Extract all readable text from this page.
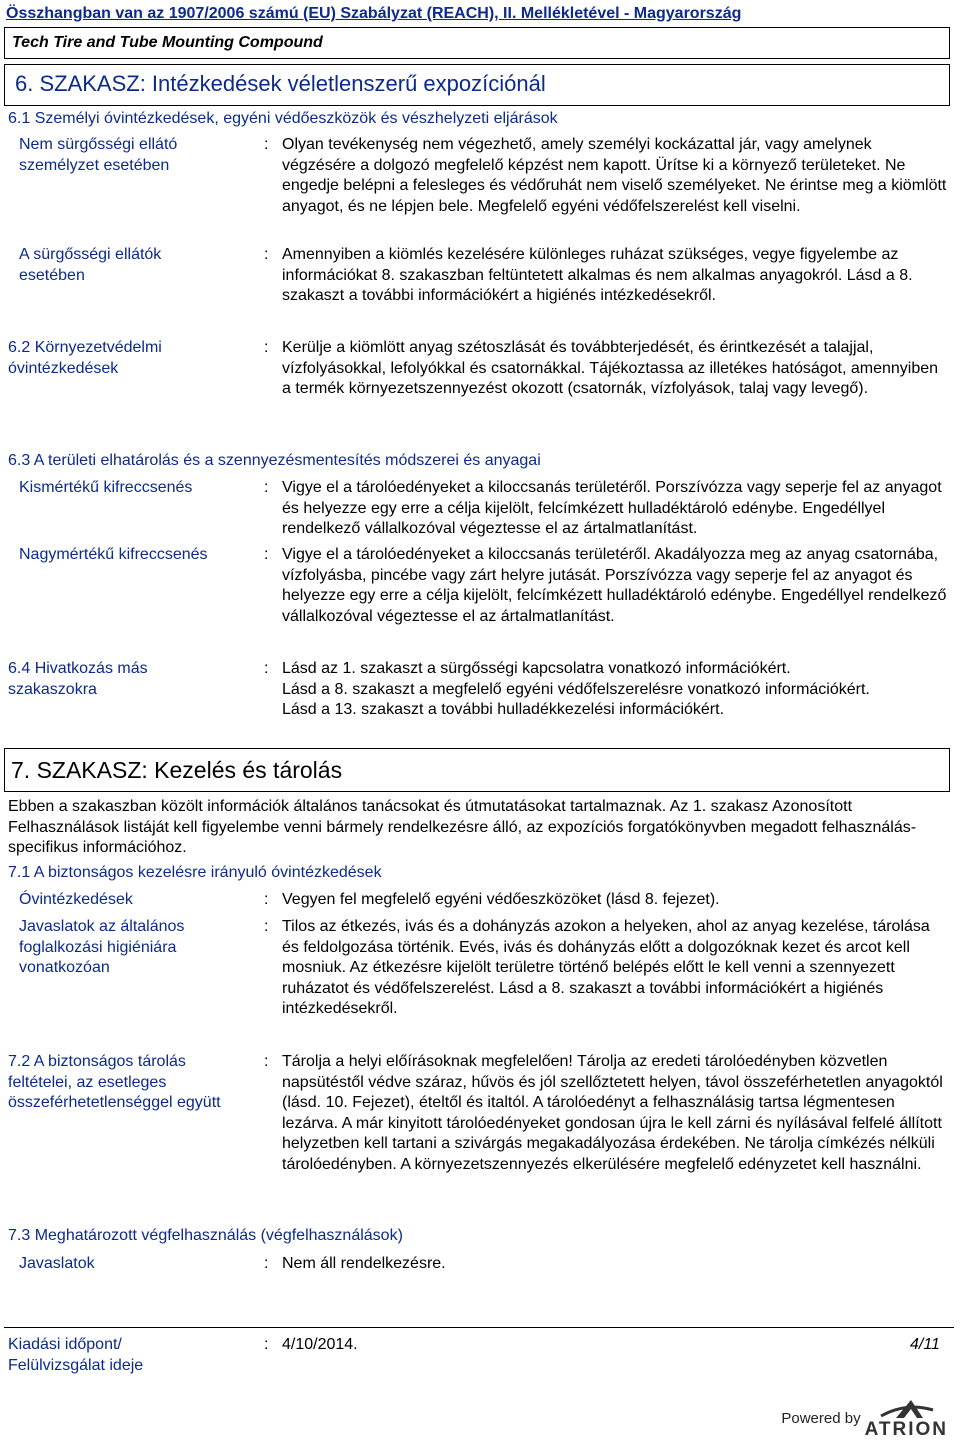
Összhangban van az 1907/2006 számú (EU) Szabályzat (REACH), II. Mellékletével - Magyarország
Tech Tire and Tube Mounting Compound
6. SZAKASZ: Intézkedések véletlenszerű expozíciónál
6.1 Személyi óvintézkedések, egyéni védőeszközök és vészhelyzeti eljárások
Nem sürgősségi ellátó személyzet esetében
: Olyan tevékenység nem végezhető, amely személyi kockázattal jár, vagy amelynek végzésére a dolgozó megfelelő képzést nem kapott. Ürítse ki a környező területeket. Ne engedje belépni a felesleges és védőruhát nem viselő személyeket. Ne érintse meg a kiömlött anyagot, és ne lépjen bele. Megfelelő egyéni védőfelszerelést kell viselni.
A sürgősségi ellátók esetében
: Amennyiben a kiömlés kezelésére különleges ruházat szükséges, vegye figyelembe az információkat 8. szakaszban feltüntetett alkalmas és nem alkalmas anyagokról. Lásd a 8. szakaszt a további információkért a higiénés intézkedésekről.
6.2 Környezetvédelmi óvintézkedések
: Kerülje a kiömlött anyag szétoszlását és továbbterjedését, és érintkezését a talajjal, vízfolyásokkal, lefolyókkal és csatornákkal. Tájékoztassa az illetékes hatóságot, amennyiben a termék környezetszennyezést okozott (csatornák, vízfolyások, talaj vagy levegő).
6.3 A területi elhatárolás és a szennyezésmentesítés módszerei és anyagai
Kismértékű kifreccsenés	: Vigye el a tárolóedényeket a kiloccsanás területéről. Porszívózza vagy seperje fel az anyagot és helyezze egy erre a célja kijelölt, felcímkézett hulladéktároló edénybe. Engedéllyel rendelkező vállalkozóval végeztesse el az ártalmatlanítást.
Nagymértékű kifreccsenés	: Vigye el a tárolóedényeket a kiloccsanás területéről. Akadályozza meg az anyag csatornába, vízfolyásba, pincébe vagy zárt helyre jutását. Porszívózza vagy seperje fel az anyagot és helyezze egy erre a célja kijelölt, felcímkézett hulladéktároló edénybe. Engedéllyel rendelkező vállalkozóval végeztesse el az ártalmatlanítást.
6.4 Hivatkozás más szakaszokra
: Lásd az 1. szakaszt a sürgősségi kapcsolatra vonatkozó információkért.
Lásd a 8. szakaszt a megfelelő egyéni védőfelszerelésre vonatkozó információkért.
Lásd a 13. szakaszt a további hulladékkezelési információkért.
7. SZAKASZ: Kezelés és tárolás
Ebben a szakaszban közölt információk általános tanácsokat és útmutatásokat tartalmaznak. Az 1. szakasz Azonosított Felhasználások listáját kell figyelembe venni bármely rendelkezésre álló, az expozíciós forgatókönyvben megadott felhasználás-specifikus információhoz.
7.1 A biztonságos kezelésre irányuló óvintézkedések
Óvintézkedések	: Vegyen fel megfelelő egyéni védőeszközöket (lásd 8. fejezet).
Javaslatok az általános foglalkozási higiéniára vonatkozóan
: Tilos az étkezés, ivás és a dohányzás azokon a helyeken, ahol az anyag kezelése, tárolása és feldolgozása történik. Evés, ivás és dohányzás előtt a dolgozóknak kezet és arcot kell mosniuk. Az étkezésre kijelölt területre történő belépés előtt le kell venni a szennyezett ruházatot és védőfelszerelést. Lásd a 8. szakaszt a további információkért a higiénés intézkedésekről.
7.2 A biztonságos tárolás feltételei, az esetleges összeférhetetlenséggel együtt
: Tárolja a helyi előírásoknak megfelelően! Tárolja az eredeti tárolóedényben közvetlen napsütéstől védve száraz, hűvös és jól szellőztetett helyen, távol összeférhetetlen anyagoktól (lásd. 10. Fejezet), ételtől és italtól. A tárolóedényt a felhasználásig tartsa légmentesen lezárva. A már kinyitott tárolóedényeket gondosan újra le kell zárni és nyílásával felfelé állított helyzetben kell tartani a szivárgás megakadályozása érdekében. Ne tárolja címkézés nélküli tárolóedényben. A környezetszennyezés elkerülésére megfelelő edényzetet kell használni.
7.3 Meghatározott végfelhasználás (végfelhasználások)
Javaslatok	: Nem áll rendelkezésre.
Kiadási időpont/
Felülvizsgálat ideje
: 4/10/2014.	4/11
Powered by
ATRION
